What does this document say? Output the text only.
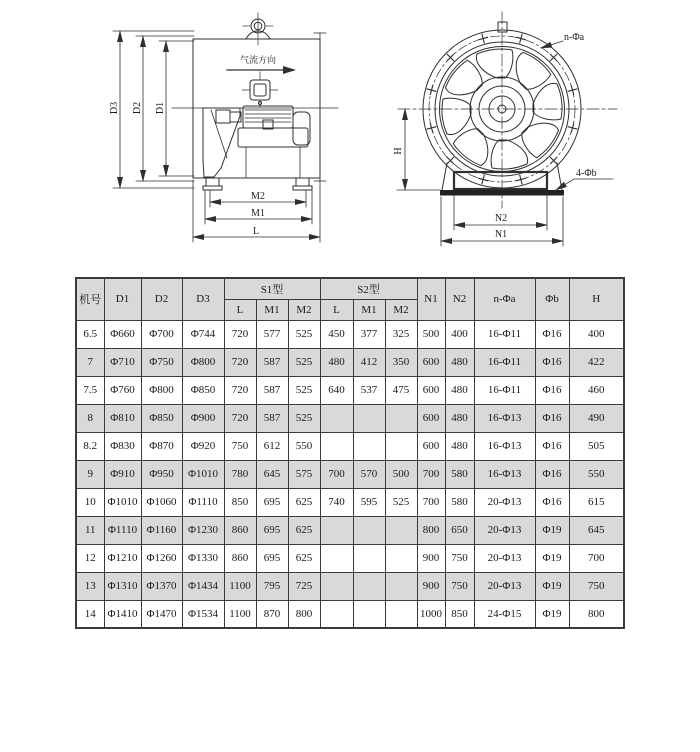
气流方向
D3 D2 D1
M2
M1
L
n-Φa
4-Φb
H
N2
N1
机号	D1	D2	D3	S1型			S2型			N1	N2	n-Φa	Φb	H
				L	M1	M2	L	M1	M2					
6.5	Φ660	Φ700	Φ744	720	577	525	450	377	325	500	400	16-Φ11	Φ16	400
7	Φ710	Φ750	Φ800	720	587	525	480	412	350	600	480	16-Φ11	Φ16	422
7.5	Φ760	Φ800	Φ850	720	587	525	640	537	475	600	480	16-Φ11	Φ16	460
8	Φ810	Φ850	Φ900	720	587	525				600	480	16-Φ13	Φ16	490
8.2	Φ830	Φ870	Φ920	750	612	550				600	480	16-Φ13	Φ16	505
9	Φ910	Φ950	Φ1010	780	645	575	700	570	500	700	580	16-Φ13	Φ16	550
10	Φ1010	Φ1060	Φ1110	850	695	625	740	595	525	700	580	20-Φ13	Φ16	615
11	Φ1110	Φ1160	Φ1230	860	695	625				800	650	20-Φ13	Φ19	645
12	Φ1210	Φ1260	Φ1330	860	695	625				900	750	20-Φ13	Φ19	700
13	Φ1310	Φ1370	Φ1434	1100	795	725				900	750	20-Φ13	Φ19	750
14	Φ1410	Φ1470	Φ1534	1100	870	800				1000	850	24-Φ15	Φ19	800
